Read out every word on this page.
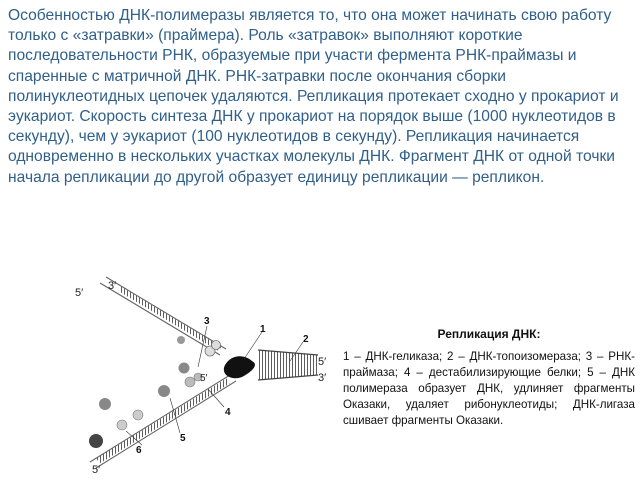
Особенностью ДНК-полимеразы является то, что она может начинать свою работу только с «затравки» (праймера). Роль «затравок» выполняют короткие последовательности РНК, образуемые при участи фермента РНК-праймазы и спаренные с матричной ДНК. РНК-затравки после окончания сборки полинуклеотидных цепочек удаляются. Репликация протекает сходно у прокариот и эукариот. Скорость синтеза ДНК у прокариот на порядок выше (1000 нуклеотидов в секунду), чем у эукариот (100 нуклеотидов в секунду). Репликация начинается одновременно в нескольких участках молекулы ДНК. Фрагмент ДНК от одной точки начала репликации до другой образует единицу репликации — репликон.

5′
3′
5′
3′
5′
5′
1
2
3
4
5
6
Репликация ДНК:
1 – ДНК-геликаза; 2 – ДНК-топоизомераза; 3 – РНК-праймаза; 4 – дестабилизирующие белки; 5 – ДНК полимераза образует ДНК, удлиняет фрагменты Оказаки, удаляет рибонуклеотиды; ДНК-лигаза сшивает фрагменты Оказаки.
